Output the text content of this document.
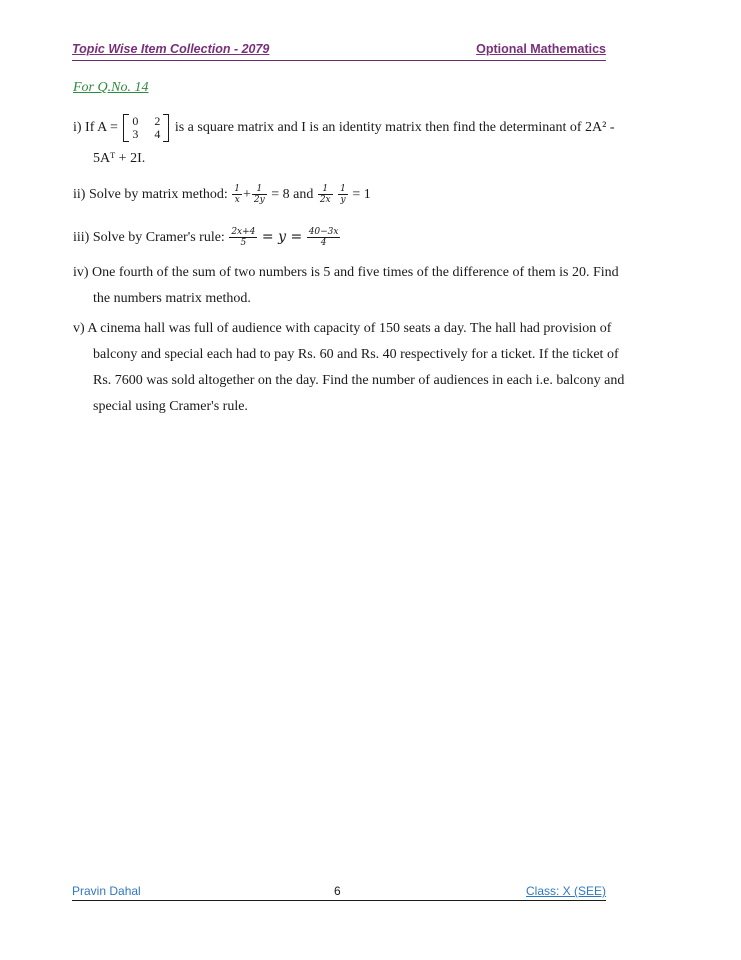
Topic Wise Item Collection - 2079	Optional Mathematics
For Q.No. 14
i) If A = 0 2
3 4 is a square matrix and I is an identity matrix then find the determinant of 2A² -
5Aᵀ + 2I.
ii) Solve by matrix method: $\frac{1}{x} + \frac{1}{2y} = 8$ and $\frac{1}{2x}$
$\frac{1}{y} = 1$
iii) Solve by Cramer's rule: $\frac{2x+4}{5} = y = \frac{40-3x}{4}$
iv) One fourth of the sum of two numbers is 5 and five times of the difference of them is 20. Find
the numbers matrix method.
v) A cinema hall was full of audience with capacity of 150 seats a day. The hall had provision of
balcony and special each had to pay Rs. 60 and Rs. 40 respectively for a ticket. If the ticket of
Rs. 7600 was sold altogether on the day. Find the number of audiences in each i.e. balcony and
special using Cramer's rule.
Pravin Dahal	6	Class: X (SEE)
